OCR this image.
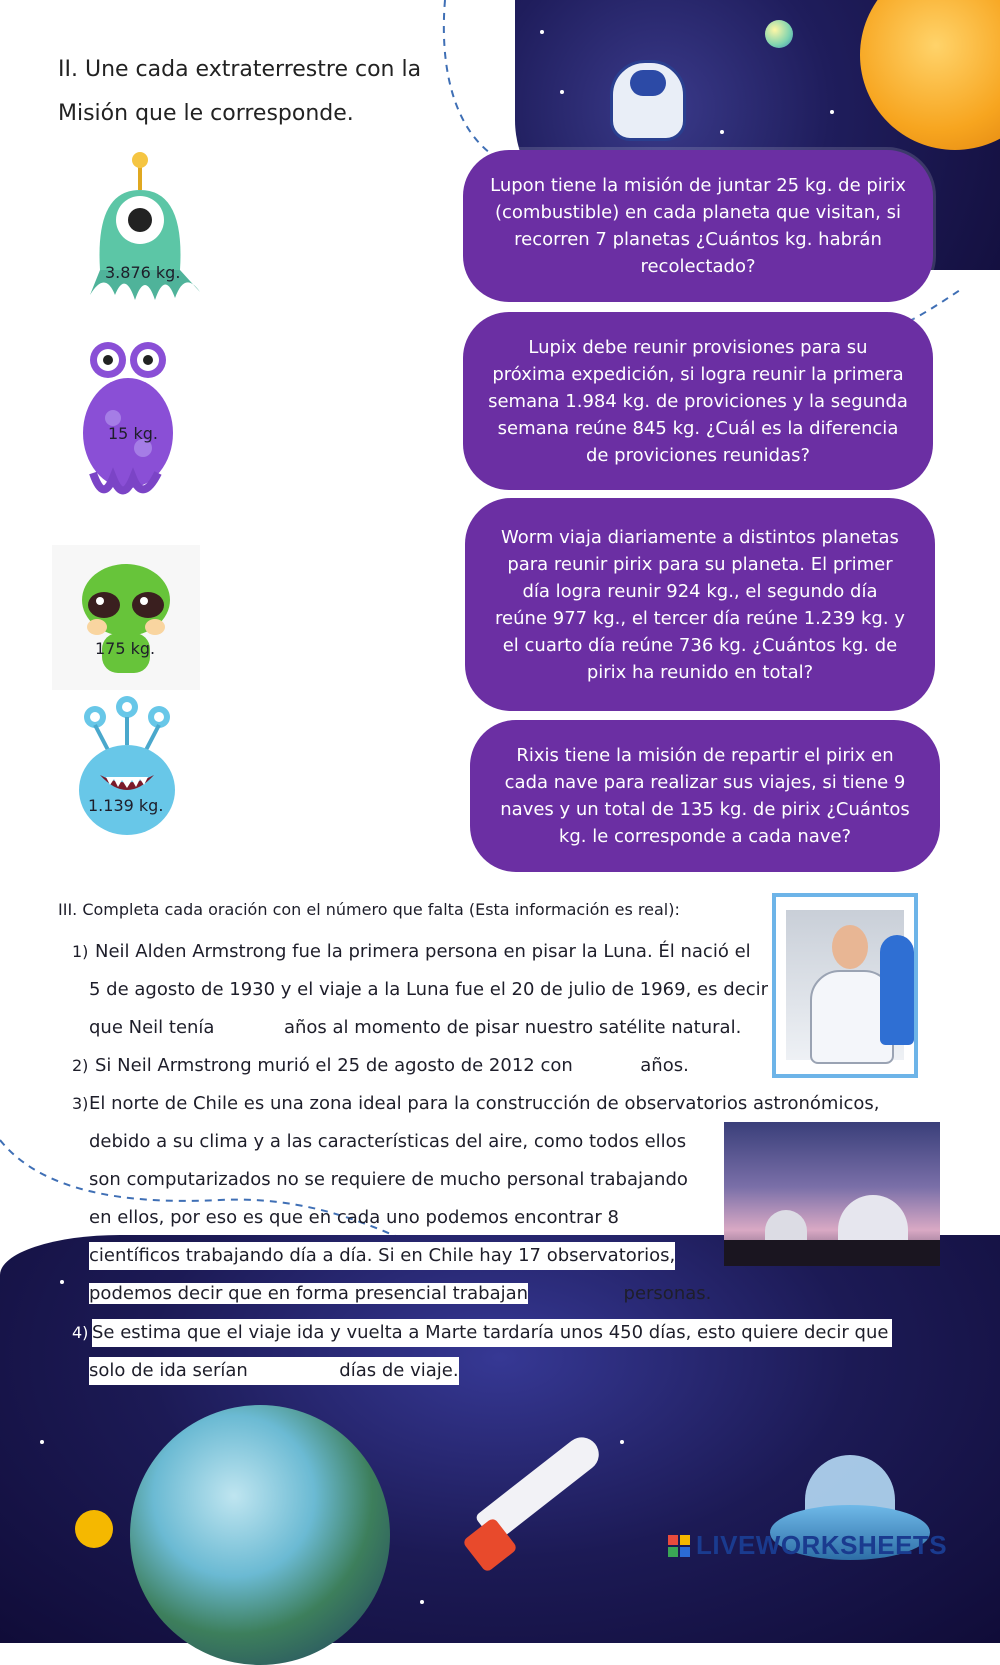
II. Une cada extraterrestre con la
Misión que le corresponde.
3.876 kg.
15 kg.
175 kg.
1.139 kg.
Lupon tiene la misión de juntar 25 kg. de pirix
(combustible) en cada planeta que visitan, si
recorren 7 planetas ¿Cuántos kg. habrán
recolectado?
Lupix debe reunir provisiones para su
próxima expedición, si logra reunir la primera
semana 1.984 kg. de proviciones y la segunda
semana reúne 845 kg. ¿Cuál es la diferencia
de proviciones reunidas?
Worm viaja diariamente a distintos planetas
para reunir pirix para su planeta. El primer
día logra reunir 924 kg., el segundo día
reúne 977 kg., el tercer día reúne 1.239 kg. y
el cuarto día reúne 736 kg. ¿Cuántos kg. de
pirix ha reunido en total?
Rixis tiene la misión de repartir el pirix en
cada nave para realizar sus viajes, si tiene 9
naves y un total de 135 kg. de pirix ¿Cuántos
kg. le corresponde a cada nave?
III. Completa cada oración con el número que falta (Esta información es real):
1) Neil Alden Armstrong fue la primera persona en pisar la Luna. Él nació el
5 de agosto de 1930 y el viaje a la Luna fue el 20 de julio de 1969, es decir
que Neil tenía	años al momento de pisar nuestro satélite natural.
2) Si Neil Armstrong murió el 25 de agosto de 2012 con	años.
3) El norte de Chile es una zona ideal para la construcción de observatorios astronómicos,
debido a su clima y a las características del aire, como todos ellos
son computarizados no se requiere de mucho personal trabajando
en ellos, por eso es que en cada uno podemos encontrar 8
científicos trabajando día a día. Si en Chile hay 17 observatorios,
podemos decir que en forma presencial trabajan	personas.
4) Se estima que el viaje ida y vuelta a Marte tardaría unos 450 días, esto quiere decir que
solo de ida serían	días de viaje.
LIVEWORKSHEETS
